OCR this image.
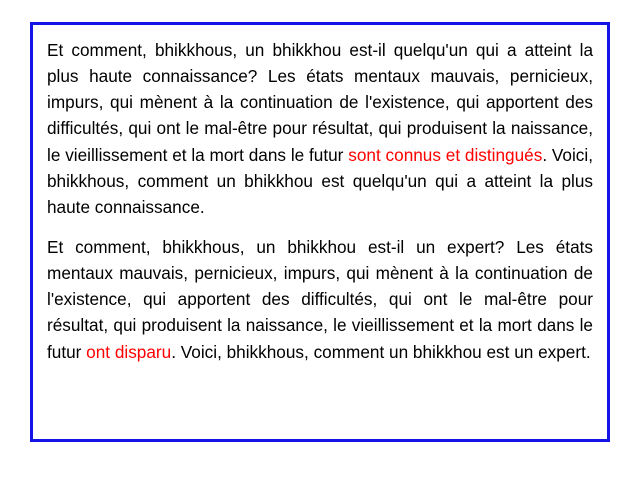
Et comment, bhikkhous, un bhikkhou est-il quelqu'un qui a atteint la plus haute connaissance? Les états mentaux mauvais, pernicieux, impurs, qui mènent à la continuation de l'existence, qui apportent des difficultés, qui ont le mal-être pour résultat, qui produisent la naissance, le vieillissement et la mort dans le futur sont connus et distingués. Voici, bhikkhous, comment un bhikkhou est quelqu'un qui a atteint la plus haute connaissance.

Et comment, bhikkhous, un bhikkhou est-il un expert? Les états mentaux mauvais, pernicieux, impurs, qui mènent à la continuation de l'existence, qui apportent des difficultés, qui ont le mal-être pour résultat, qui produisent la naissance, le vieillissement et la mort dans le futur ont disparu. Voici, bhikkhous, comment un bhikkhou est un expert.
